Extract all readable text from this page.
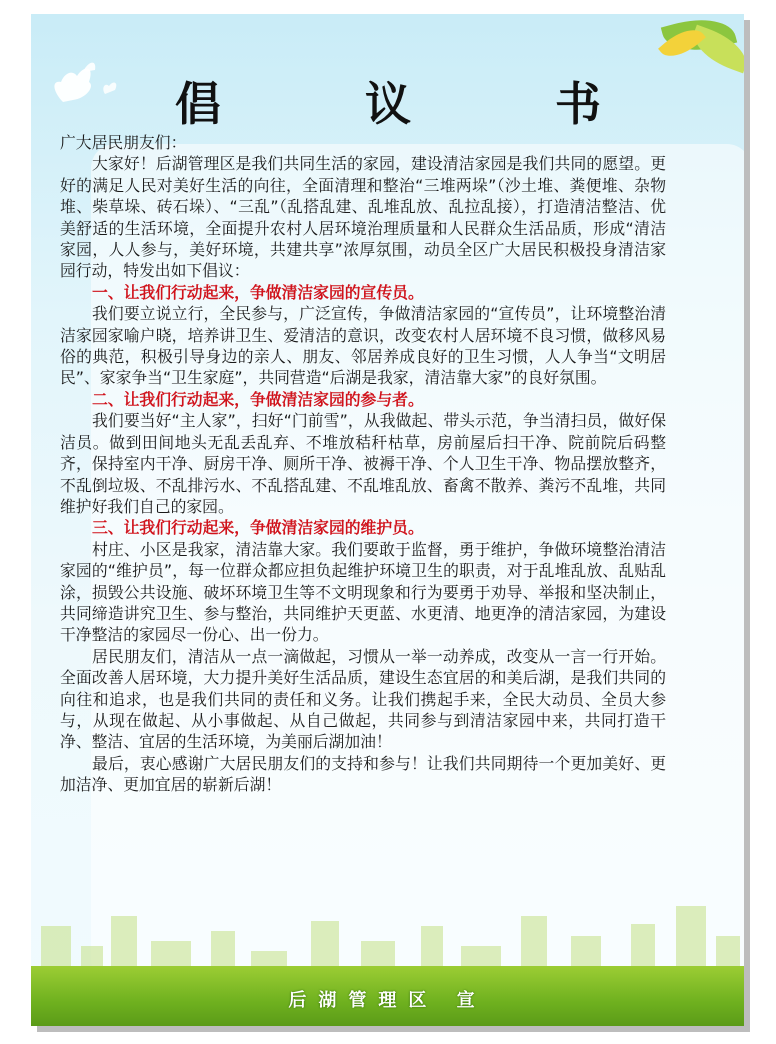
后湖管理区 宣
倡 议 书

广大居民朋友们：

大家好！后湖管理区是我们共同生活的家园，建设清洁家园是我们共同的愿望。更好的满足人民对美好生活的向往，全面清理和整治“三堆两垛”（沙土堆、粪便堆、杂物堆、柴草垛、砖石垛）、“三乱”（乱搭乱建、乱堆乱放、乱拉乱接），打造清洁整洁、优美舒适的生活环境，全面提升农村人居环境治理质量和人民群众生活品质，形成“清洁家园，人人参与，美好环境，共建共享”浓厚氛围，动员全区广大居民积极投身清洁家园行动，特发出如下倡议：

一、让我们行动起来，争做清洁家园的宣传员。

我们要立说立行，全民参与，广泛宣传，争做清洁家园的“宣传员”，让环境整治清洁家园家喻户晓，培养讲卫生、爱清洁的意识，改变农村人居环境不良习惯，做移风易俗的典范，积极引导身边的亲人、朋友、邻居养成良好的卫生习惯，人人争当“文明居民”、家家争当“卫生家庭”，共同营造“后湖是我家，清洁靠大家”的良好氛围。

二、让我们行动起来，争做清洁家园的参与者。

我们要当好“主人家”，扫好“门前雪”，从我做起、带头示范，争当清扫员，做好保洁员。做到田间地头无乱丢乱弃、不堆放秸秆枯草，房前屋后扫干净、院前院后码整齐，保持室内干净、厨房干净、厕所干净、被褥干净、个人卫生干净、物品摆放整齐，不乱倒垃圾、不乱排污水、不乱搭乱建、不乱堆乱放、畜禽不散养、粪污不乱堆，共同维护好我们自己的家园。

三、让我们行动起来，争做清洁家园的维护员。

村庄、小区是我家，清洁靠大家。我们要敢于监督，勇于维护，争做环境整治清洁家园的“维护员”，每一位群众都应担负起维护环境卫生的职责，对于乱堆乱放、乱贴乱涂，损毁公共设施、破坏环境卫生等不文明现象和行为要勇于劝导、举报和坚决制止，共同缔造讲究卫生、参与整治，共同维护天更蓝、水更清、地更净的清洁家园，为建设干净整洁的家园尽一份心、出一份力。

居民朋友们，清洁从一点一滴做起，习惯从一举一动养成，改变从一言一行开始。全面改善人居环境，大力提升美好生活品质，建设生态宜居的和美后湖，是我们共同的向往和追求，也是我们共同的责任和义务。让我们携起手来，全民大动员、全员大参与，从现在做起、从小事做起、从自己做起，共同参与到清洁家园中来，共同打造干净、整洁、宜居的生活环境，为美丽后湖加油！

最后，衷心感谢广大居民朋友们的支持和参与！让我们共同期待一个更加美好、更加洁净、更加宜居的崭新后湖！
